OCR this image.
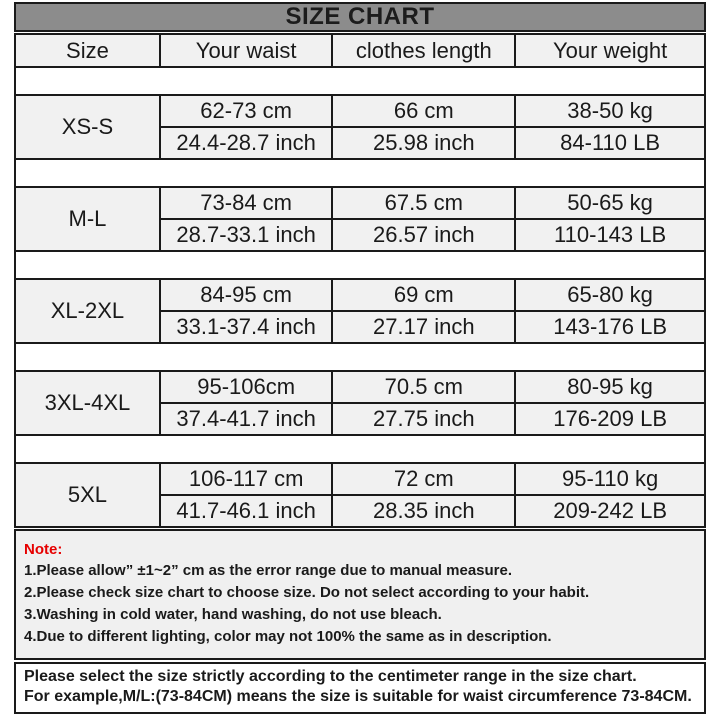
SIZE CHART
Size	Your waist	clothes length	Your weight

XS-S	62-73 cm	66 cm	38-50 kg
	24.4-28.7 inch	25.98 inch	84-110 LB

M-L	73-84 cm	67.5 cm	50-65 kg
	28.7-33.1 inch	26.57 inch	110-143 LB

XL-2XL	84-95 cm	69 cm	65-80 kg
	33.1-37.4 inch	27.17 inch	143-176 LB

3XL-4XL	95-106cm	70.5 cm	80-95 kg
	37.4-41.7 inch	27.75 inch	176-209 LB

5XL	106-117 cm	72 cm	95-110 kg
	41.7-46.1 inch	28.35 inch	209-242 LB
Note:
1.Please allow” ±1~2” cm as the error range due to manual measure.
2.Please check size chart to choose size. Do not select according to your habit.
3.Washing in cold water, hand washing, do not use bleach.
4.Due to different lighting, color may not 100% the same as in description.
Please select the size strictly according to the centimeter range in the size chart.
For example,M/L:(73-84CM) means the size is suitable for waist circumference 73-84CM.
